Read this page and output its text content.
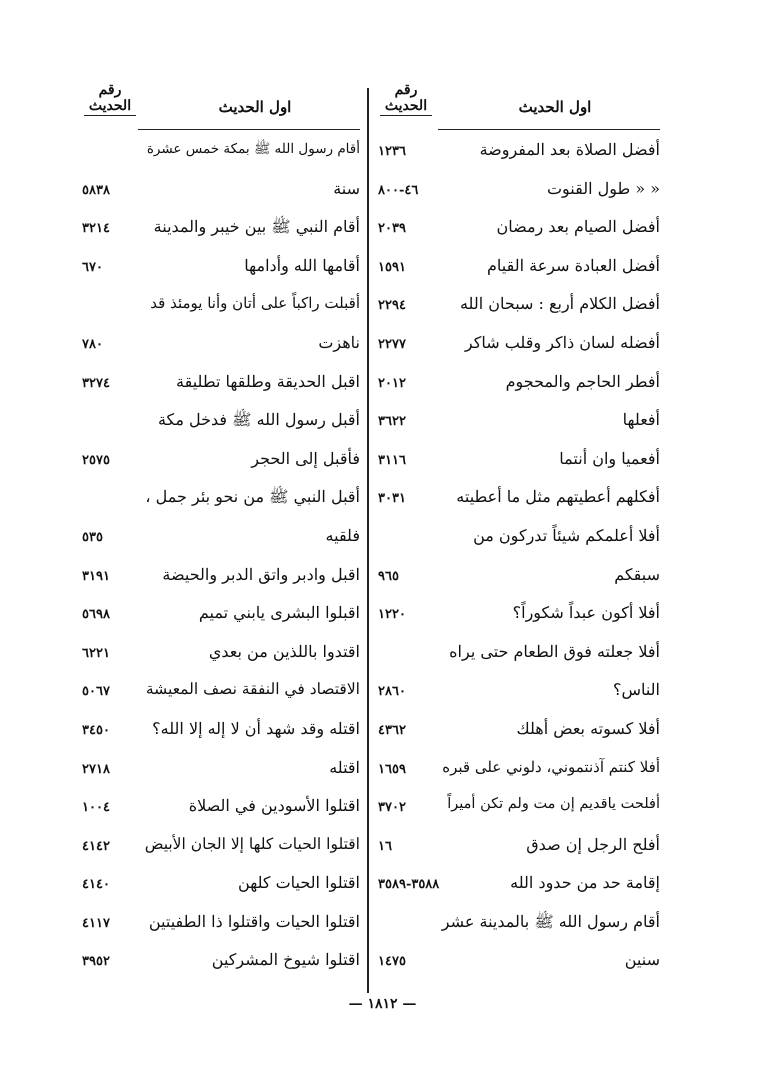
رقم
الحديث	اول الحديث
أقام رسول الله ﷺ بمكة خمس عشرة
سنة
٥٨٣٨
أقام النبي ﷺ بين خيبر والمدينة
٣٢١٤
أقامها الله وأدامها
٦٧٠
أقبلت راكباً على أتان وأنا يومئذ قد
ناهزت
٧٨٠
اقبل الحديقة وطلقها تطليقة
٣٢٧٤
أقبل رسول الله ﷺ فدخل مكة
فأقبل إلى الحجر
٢٥٧٥
أقبل النبي ﷺ من نحو بئر جمل ،
فلقيه
٥٣٥
اقبل وادبر واتق الدبر والحيضة
٣١٩١
اقبلوا البشرى يابني تميم
٥٦٩٨
اقتدوا باللذين من بعدي
٦٢٢١
الاقتصاد في النفقة نصف المعيشة
٥٠٦٧
اقتله وقد شهد أن لا إله إلا الله؟
٣٤٥٠
اقتله
٢٧١٨
اقتلوا الأسودين في الصلاة
١٠٠٤
اقتلوا الحيات كلها إلا الجان الأبيض
٤١٤٢
اقتلوا الحيات كلهن
٤١٤٠
اقتلوا الحيات واقتلوا ذا الطفيتين
٤١١٧
اقتلوا شيوخ المشركين
٣٩٥٢
رقم
الحديث	اول الحديث
أفضل الصلاة بعد المفروضة
١٢٣٦
« « طول القنوت
٤٦-٨٠٠
أفضل الصيام بعد رمضان
٢٠٣٩
أفضل العبادة سرعة القيام
١٥٩١
أفضل الكلام أربع : سبحان الله
٢٢٩٤
أفضله لسان ذاكر وقلب شاكر
٢٢٧٧
أفطر الحاجم والمحجوم
٢٠١٢
أفعلها
٣٦٢٢
أفعميا وان أنتما
٣١١٦
أفكلهم أعطيتهم مثل ما أعطيته
٣٠٣١
أفلا أعلمكم شيئاً تدركون من
سبقكم
٩٦٥
أفلا أكون عبداً شكوراً؟
١٢٢٠
أفلا جعلته فوق الطعام حتى يراه
الناس؟
٢٨٦٠
أفلا كسوته بعض أهلك
٤٣٦٢
أفلا كنتم آذنتموني، دلوني على قبره
١٦٥٩
أفلحت ياقديم إن مت ولم تكن أميراً
٣٧٠٢
أفلح الرجل إن صدق
١٦
إقامة حد من حدود الله
٣٥٨٨-٣٥٨٩
أقام رسول الله ﷺ بالمدينة عشر
سنين
١٤٧٥
— ١٨١٢ —
